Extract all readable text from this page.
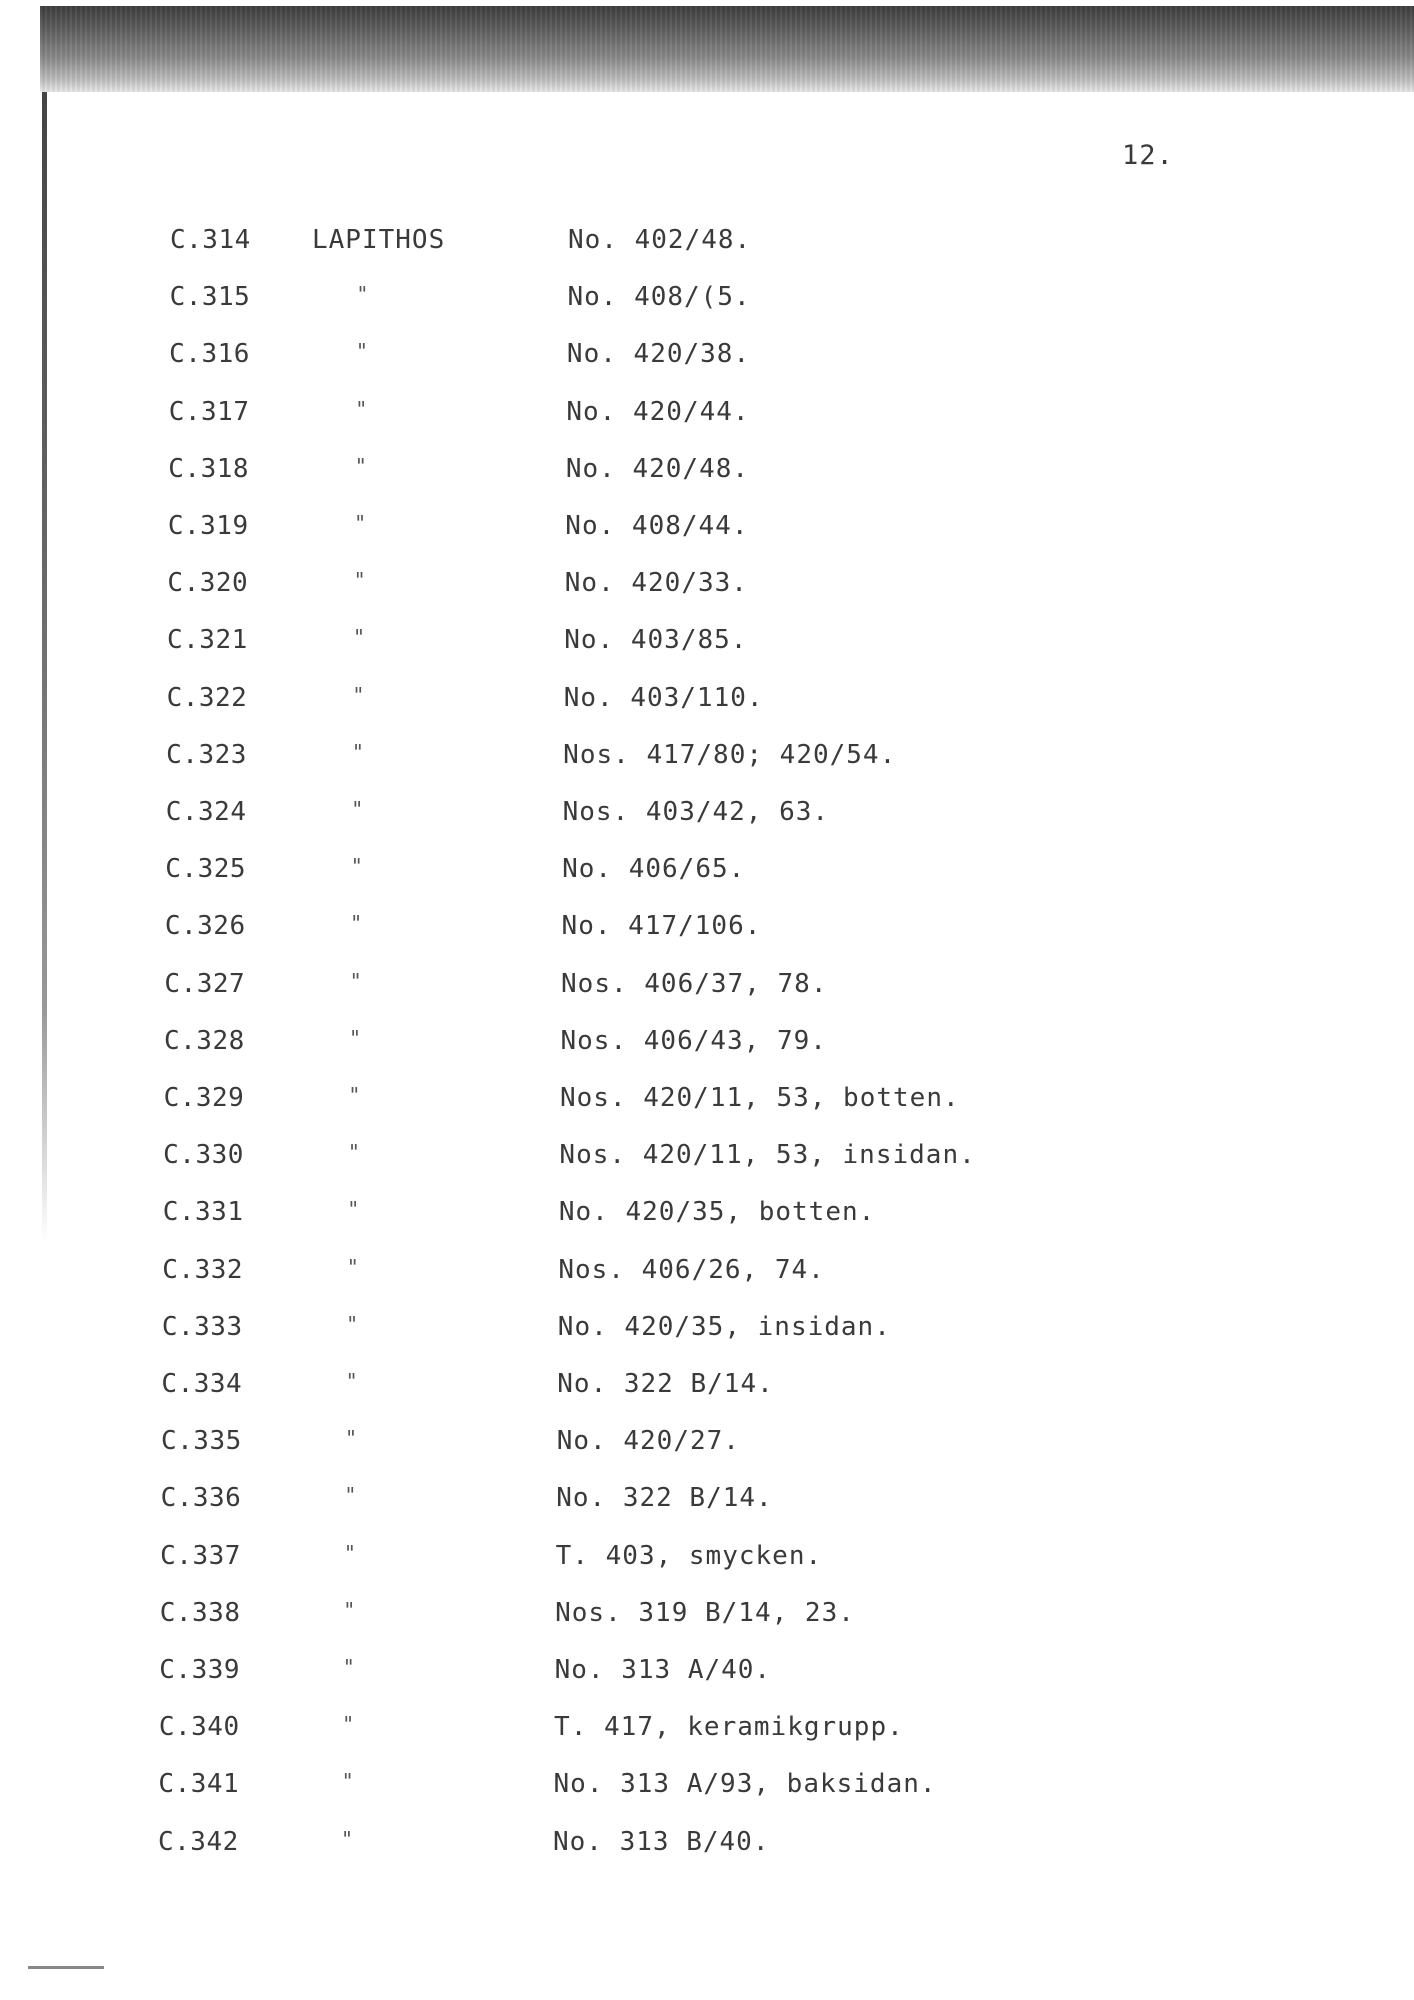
12.
C.314 LAPITHOS	No. 402/48.
C.315	"	No. 408/(5.
C.316	"	No. 420/38.
C.317	"	No. 420/44.
C.318	"	No. 420/48.
C.319	"	No. 408/44.
C.320	"	No. 420/33.
C.321	"	No. 403/85.
C.322	"	No. 403/110.
C.323	"	Nos. 417/80; 420/54.
C.324	"	Nos. 403/42, 63.
C.325	"	No. 406/65.
C.326	"	No. 417/106.
C.327	"	Nos. 406/37, 78.
C.328	"	Nos. 406/43, 79.
C.329	"	Nos. 420/11, 53, botten.
C.330	"	Nos. 420/11, 53, insidan.
C.331	"	No. 420/35, botten.
C.332	"	Nos. 406/26, 74.
C.333	"	No. 420/35, insidan.
C.334	"	No. 322 B/14.
C.335	"	No. 420/27.
C.336	"	No. 322 B/14.
C.337	"	T. 403, smycken.
C.338	"	Nos. 319 B/14, 23.
C.339	"	No. 313 A/40.
C.340	"	T. 417, keramikgrupp.
C.341	"	No. 313 A/93, baksidan.
C.342	"	No. 313 B/40.
